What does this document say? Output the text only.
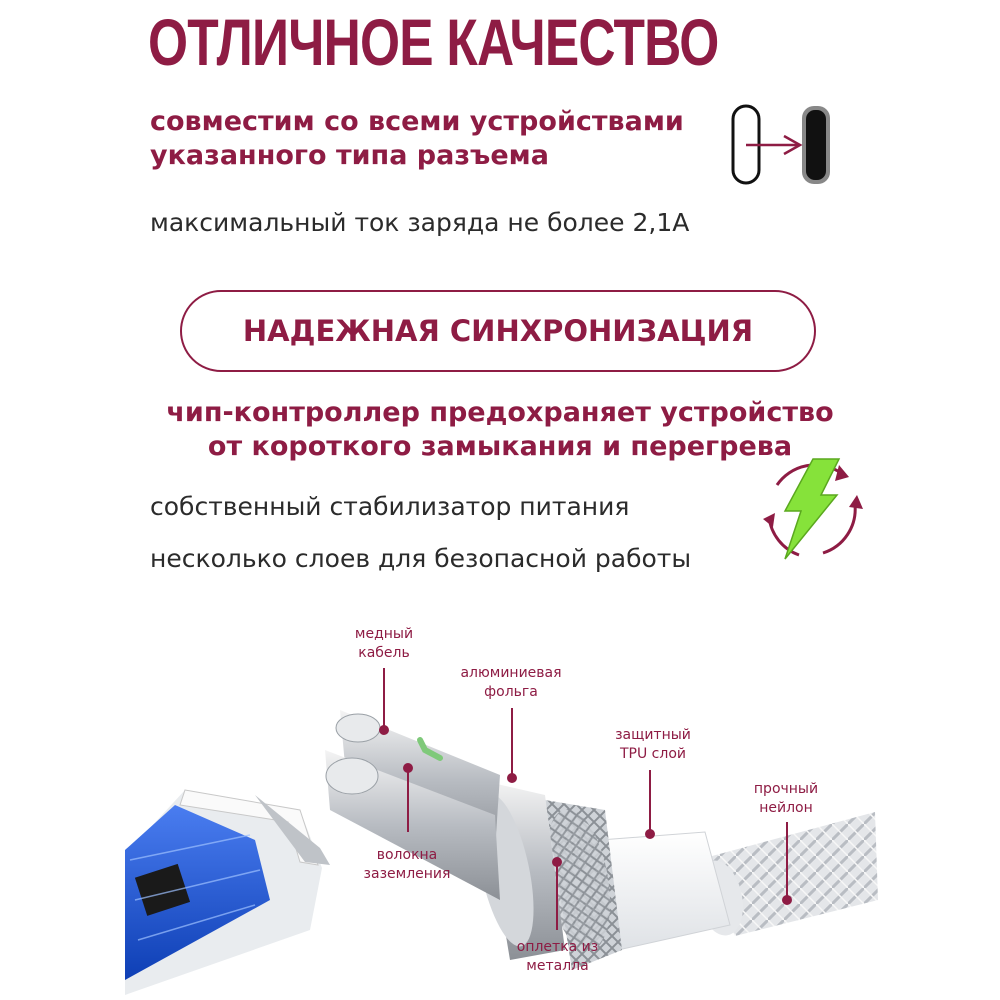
ОТЛИЧНОЕ КАЧЕСТВО
совместим со всеми устройствами
указанного типа разъема
максимальный ток заряда не более 2,1А
НАДЕЖНАЯ СИНХРОНИЗАЦИЯ
чип-контроллер предохраняет устройство
от короткого замыкания и перегрева
собственный стабилизатор питания
несколько слоев для безопасной работы
медный
кабель
алюминиевая
фольга
защитный
TPU слой
прочный
нейлон
волокна
заземления
оплетка из
металла
